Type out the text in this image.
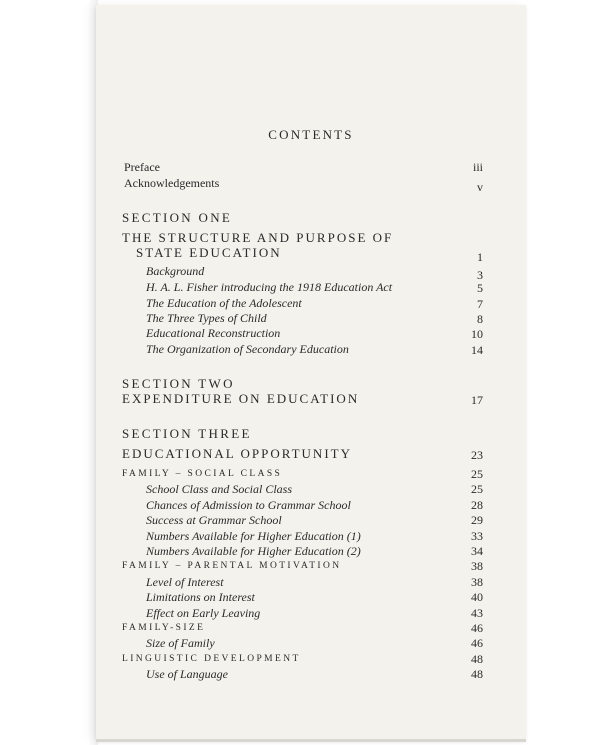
CONTENTS
Preface	iii
Acknowledgements	v
SECTION ONE
THE STRUCTURE AND PURPOSE OF
STATE EDUCATION	1
Background	3
H. A. L. Fisher introducing the 1918 Education Act	5
The Education of the Adolescent	7
The Three Types of Child	8
Educational Reconstruction	10
The Organization of Secondary Education	14
SECTION TWO
EXPENDITURE ON EDUCATION	17
SECTION THREE
EDUCATIONAL OPPORTUNITY	23
FAMILY – SOCIAL CLASS	25
School Class and Social Class	25
Chances of Admission to Grammar School	28
Success at Grammar School	29
Numbers Available for Higher Education (1)	33
Numbers Available for Higher Education (2)	34
FAMILY – PARENTAL MOTIVATION	38
Level of Interest	38
Limitations on Interest	40
Effect on Early Leaving	43
FAMILY-SIZE	46
Size of Family	46
LINGUISTIC DEVELOPMENT	48
Use of Language	48
